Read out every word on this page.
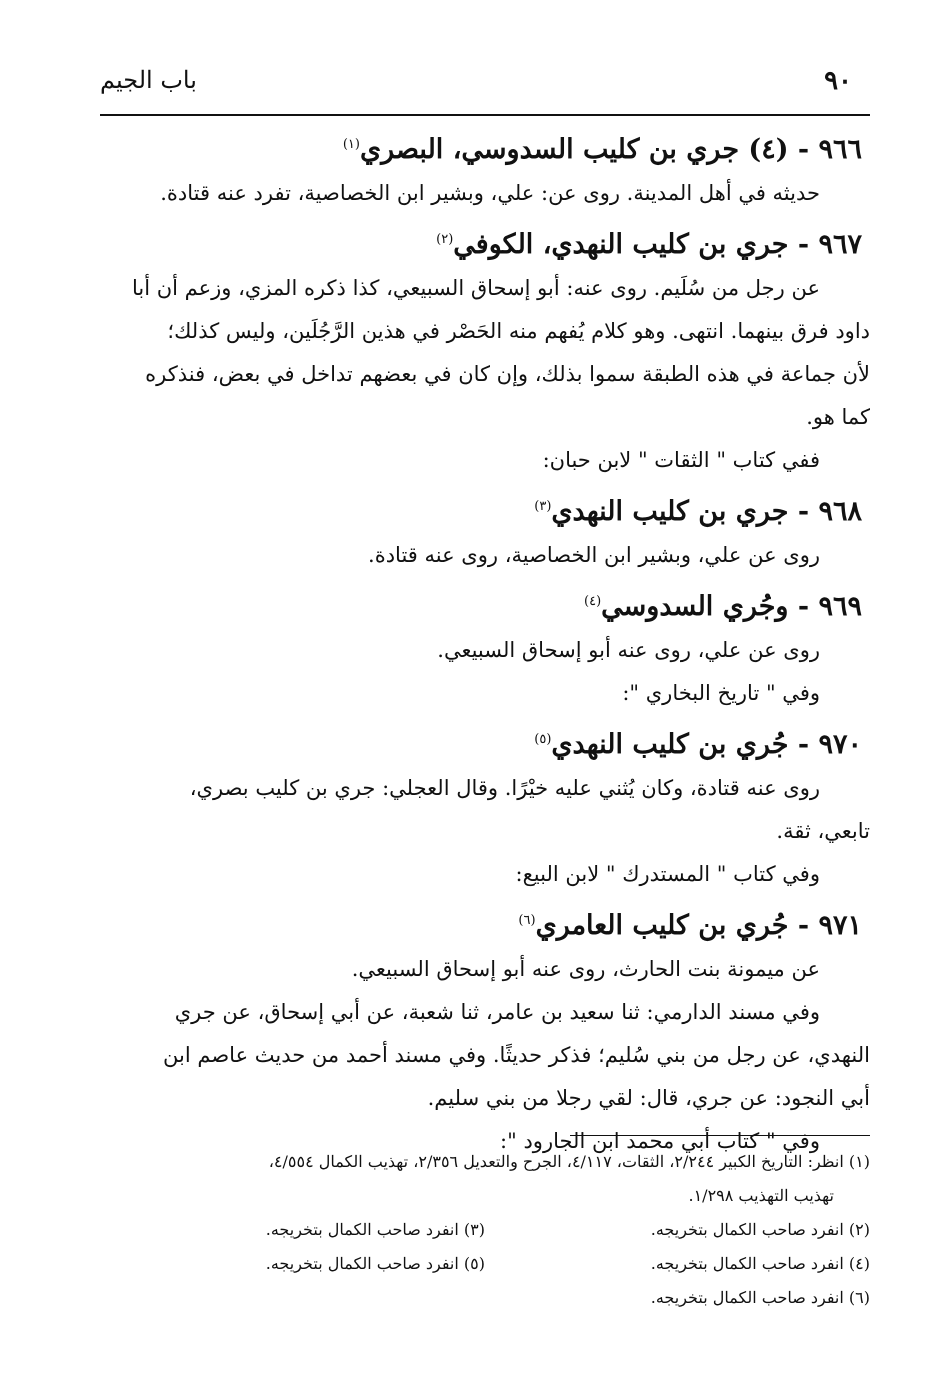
٩٠
باب الجيم
٩٦٦ - (٤) جري بن كليب السدوسي، البصري$^{(١)}$
حديثه في أهل المدينة. روى عن: علي، وبشير ابن الخصاصية، تفرد عنه قتادة.
٩٦٧ - جري بن كليب النهدي، الكوفي$^{(٢)}$
عن رجل من سُلَيم. روى عنه: أبو إسحاق السبيعي، كذا ذكره المزي، وزعم أن أبا
داود فرق بينهما. انتهى. وهو كلام يُفهم منه الحَصْر في هذين الرَّجُلَين، وليس كذلك؛
لأن جماعة في هذه الطبقة سموا بذلك، وإن كان في بعضهم تداخل في بعض، فنذكره
كما هو.
ففي كتاب " الثقات " لابن حبان:
٩٦٨ - جري بن كليب النهدي$^{(٣)}$
روى عن علي، وبشير ابن الخصاصية، روى عنه قتادة.
٩٦٩ - وجُري السدوسي$^{(٤)}$
روى عن علي، روى عنه أبو إسحاق السبيعي.
وفي " تاريخ البخاري ":
٩٧٠ - جُري بن كليب النهدي$^{(٥)}$
روى عنه قتادة، وكان يُثني عليه خيْرًا. وقال العجلي: جري بن كليب بصري،
تابعي، ثقة.
وفي كتاب " المستدرك " لابن البيع:
٩٧١ - جُري بن كليب العامري$^{(٦)}$
عن ميمونة بنت الحارث، روى عنه أبو إسحاق السبيعي.
وفي مسند الدارمي: ثنا سعيد بن عامر، ثنا شعبة، عن أبي إسحاق، عن جري
النهدي، عن رجل من بني سُليم؛ فذكر حديثًا. وفي مسند أحمد من حديث عاصم ابن
أبي النجود: عن جري، قال: لقي رجلا من بني سليم.
وفي " كتاب أبي محمد ابن الجارود ":
(١) انظر: التاريخ الكبير ٢/٢٤٤، الثقات، ٤/١١٧، الجرح والتعديل ٢/٣٥٦، تهذيب الكمال ٤/٥٥٤،
تهذيب التهذيب ١/٢٩٨.
(٢) انفرد صاحب الكمال بتخريجه.
(٣) انفرد صاحب الكمال بتخريجه.
(٤) انفرد صاحب الكمال بتخريجه.
(٥) انفرد صاحب الكمال بتخريجه.
(٦) انفرد صاحب الكمال بتخريجه.
